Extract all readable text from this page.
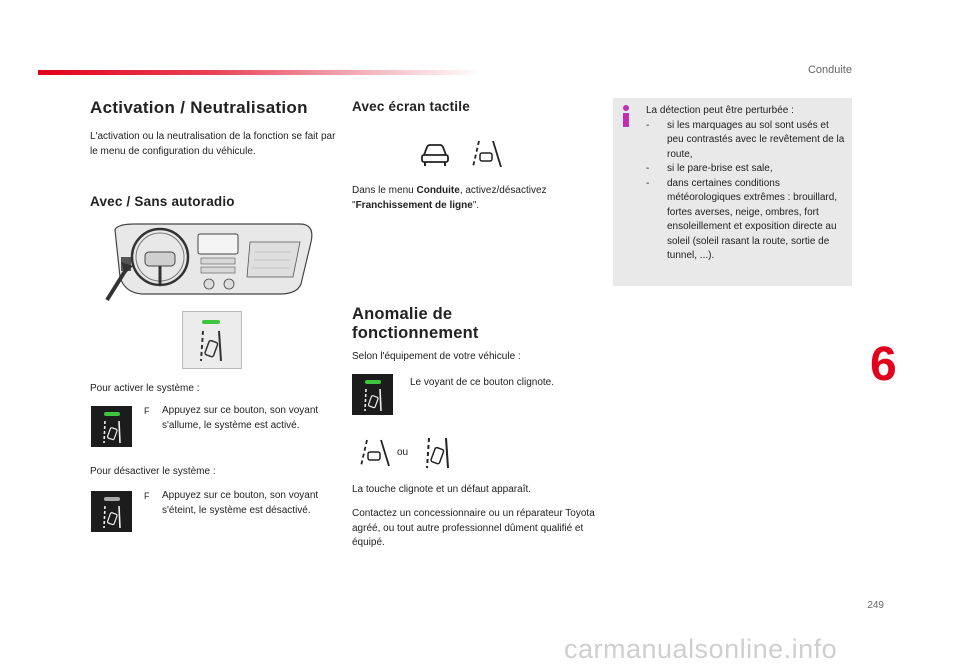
Conduite
Activation / Neutralisation

L'activation ou la neutralisation de la fonction se fait par le menu de configuration du véhicule.

Avec / Sans autoradio

Pour activer le système :

F Appuyez sur ce bouton, son voyant s'allume, le système est activé.

Pour désactiver le système :

F Appuyez sur ce bouton, son voyant s'éteint, le système est désactivé.
Avec écran tactile

Dans le menu Conduite, activez/désactivez "Franchissement de ligne".

Anomalie de
fonctionnement

Selon l'équipement de votre véhicule :

Le voyant de ce bouton clignote.

ou

La touche clignote et un défaut apparaît.

Contactez un concessionnaire ou un réparateur Toyota agréé, ou tout autre professionnel dûment qualifié et équipé.

La détection peut être perturbée :

- si les marquages au sol sont usés et peu contrastés avec le revêtement de la route,

- si le pare-brise est sale,

- dans certaines conditions météorologiques extrêmes : brouillard, fortes averses, neige, ombres, fort ensoleillement et exposition directe au soleil (soleil rasant la route, sortie de tunnel, ...).

6
249
carmanualsonline.info
